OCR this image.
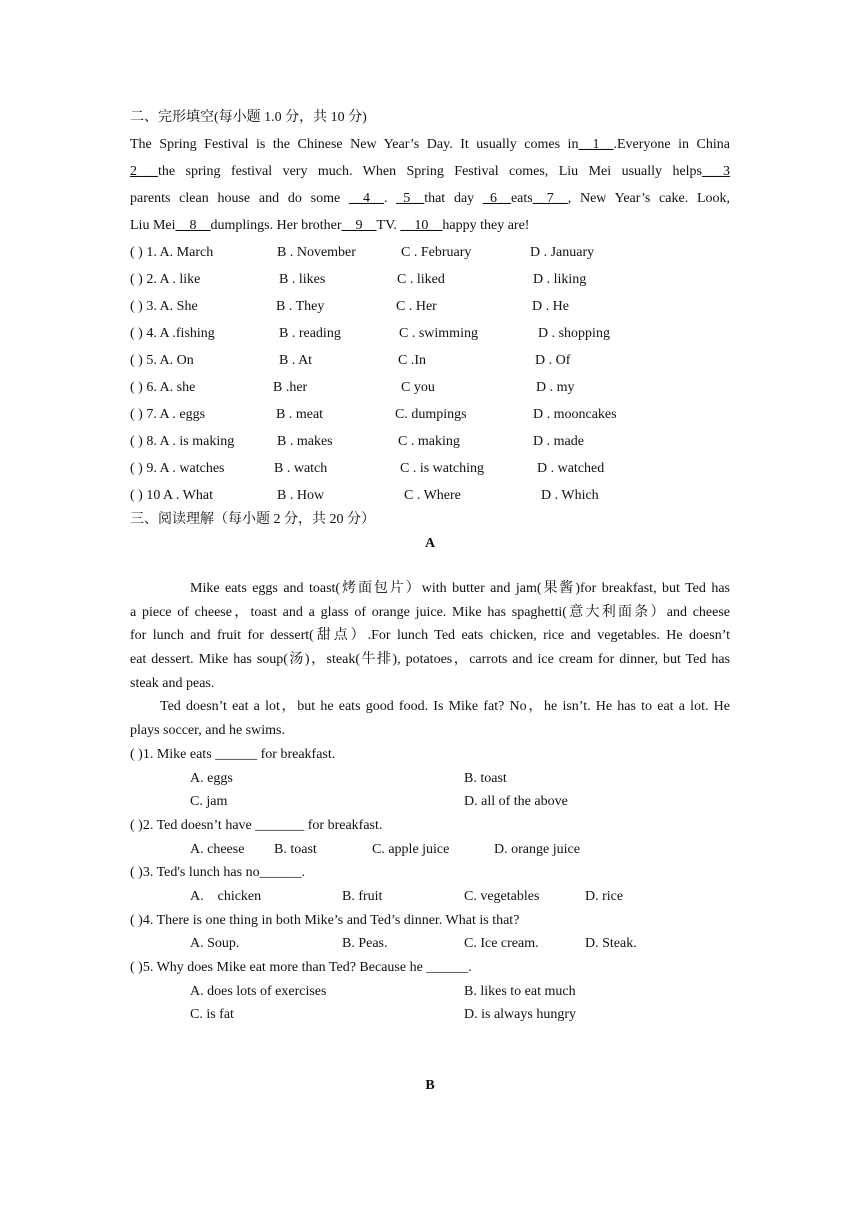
二、完形填空(每小题 1.0 分，共 10 分)
The Spring Festival is the Chinese New Year’s Day. It usually comes in__1__.Everyone in China
2___the spring festival very much. When Spring Festival comes, Liu Mei usually helps___3
parents clean house and do some __4__. _5__that day _6__eats__7__, New Year’s cake. Look,
Liu Mei__8__dumplings. Her brother__9__TV. __10__happy they are!
( ) 1. A. March	B . November	C . February	D . January
( ) 2. A . like	B . likes	C . liked	D . liking
( ) 3. A. She	B . They	C . Her	D . He
( ) 4. A .fishing	B . reading	C . swimming	D . shopping
( ) 5. A. On	B . At	C .In	D . Of
( ) 6. A. she	B .her	C you	D . my
( ) 7. A . eggs	B . meat	C. dumpings	D . mooncakes
( ) 8. A . is making	B . makes	C . making	D . made
( ) 9. A . watches	B . watch	C . is watching	D . watched
( ) 10 A . What	B . How	C . Where	D . Which
三、阅读理解（每小题 2 分，共 20 分）
A
Mike eats eggs and toast(烤面包片）with butter and jam(果酱)for breakfast, but Ted has
a piece of cheese，toast and a glass of orange juice. Mike has spaghetti(意大利面条）and cheese
for lunch and fruit for dessert(甜点）.For lunch Ted eats chicken, rice and vegetables. He doesn’t
eat dessert. Mike has soup(汤)，steak(牛排), potatoes，carrots and ice cream for dinner, but Ted has
steak and peas.
Ted doesn’t eat a lot，but he eats good food. Is Mike fat? No，he isn’t. He has to eat a lot. He
plays soccer, and he swims.
( )1. Mike eats ______ for breakfast.
A. eggs	B. toast
C. jam	D. all of the above
( )2. Ted doesn’t have _______ for breakfast.
A. cheese B. toast	C. apple juice	D. orange juice
( )3. Ted's lunch has no______.
A.    chicken	B. fruit	C. vegetables	D. rice
( )4. There is one thing in both Mike’s and Ted’s dinner. What is that?
A. Soup.	B. Peas.	C. Ice cream.	D. Steak.
( )5. Why does Mike eat more than Ted? Because he ______.
A. does lots of exercises	B. likes to eat much
C. is fat	D. is always hungry
B
